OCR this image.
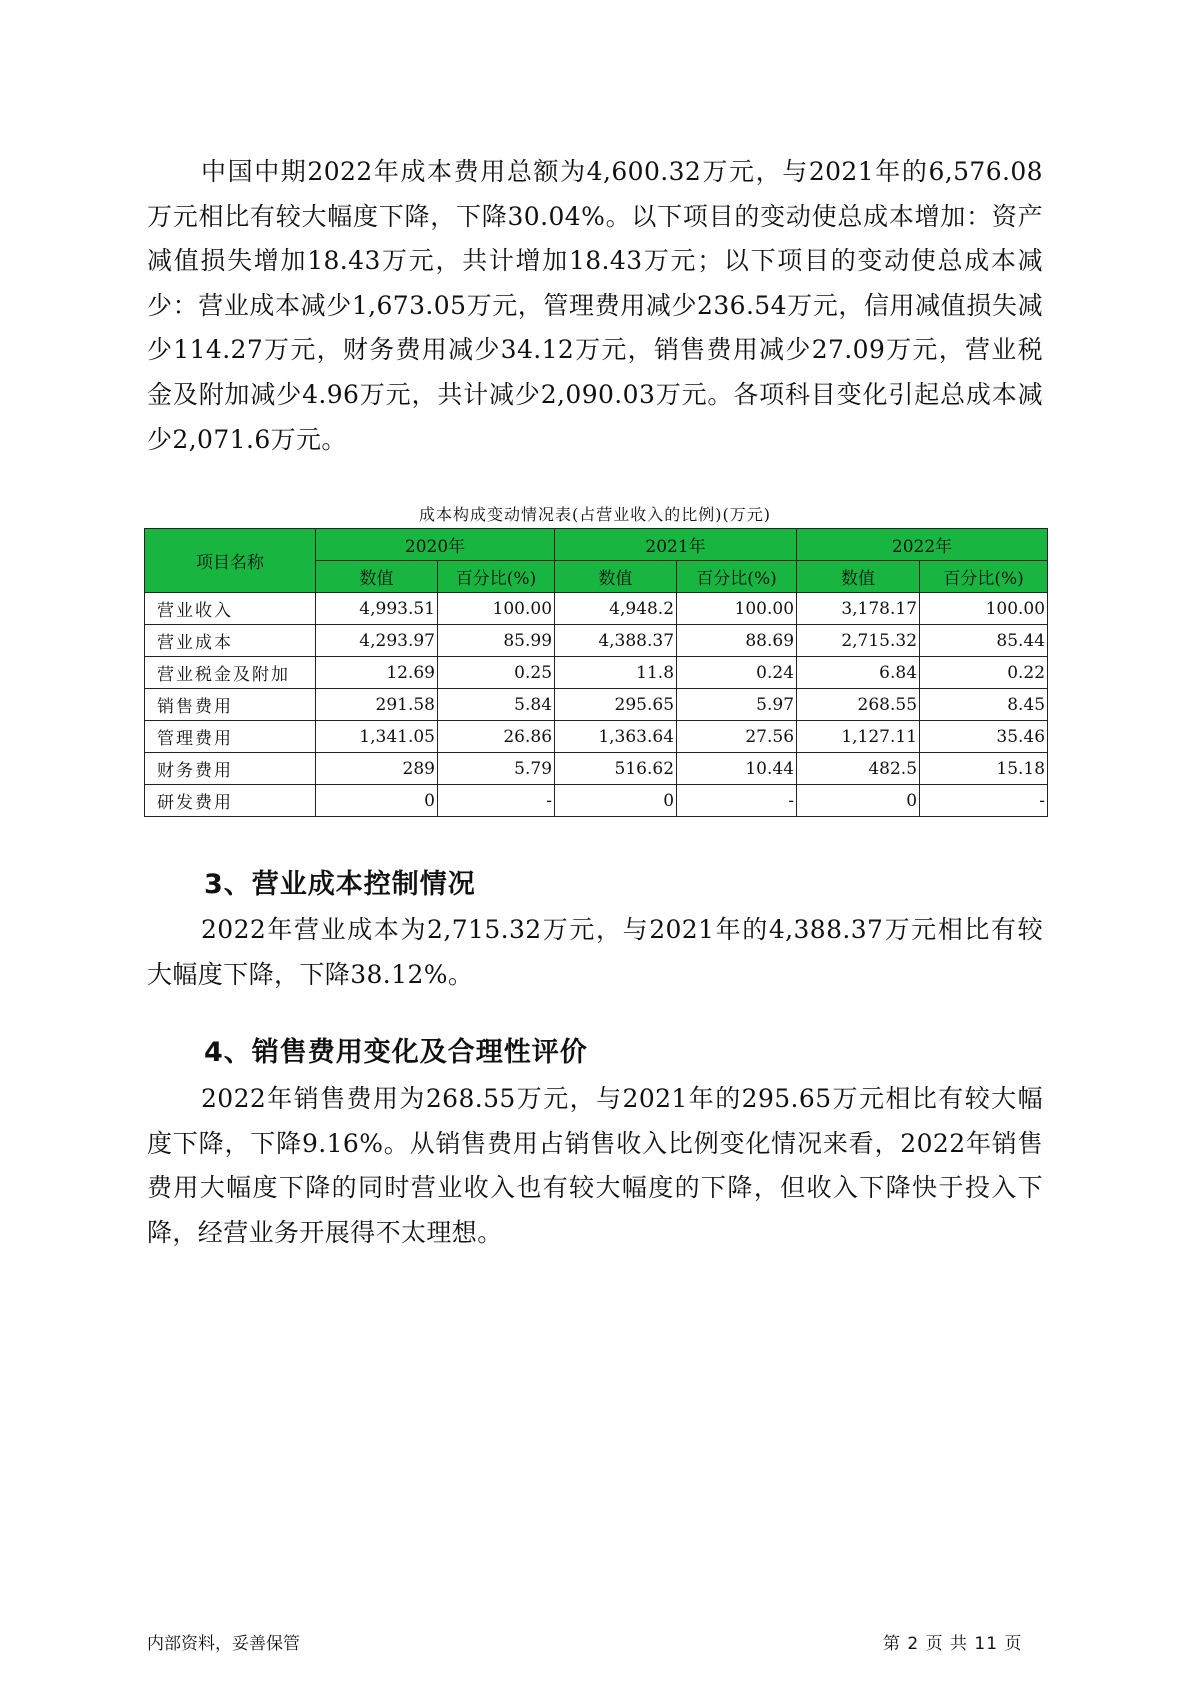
中国中期2022年成本费用总额为4,600.32万元，与2021年的6,576.08万元相比有较大幅度下降，下降30.04%。以下项目的变动使总成本增加：资产减值损失增加18.43万元，共计增加18.43万元；以下项目的变动使总成本减少：营业成本减少1,673.05万元，管理费用减少236.54万元，信用减值损失减少114.27万元，财务费用减少34.12万元，销售费用减少27.09万元，营业税金及附加减少4.96万元，共计减少2,090.03万元。各项科目变化引起总成本减少2,071.6万元。

成本构成变动情况表(占营业收入的比例)(万元)
项目名称	2020年		2021年		2022年	
	数值	百分比(%)	数值	百分比(%)	数值	百分比(%)
营业收入	4,993.51	100.00	4,948.2	100.00	3,178.17	100.00
营业成本	4,293.97	85.99	4,388.37	88.69	2,715.32	85.44
营业税金及附加	12.69	0.25	11.8	0.24	6.84	0.22
销售费用	291.58	5.84	295.65	5.97	268.55	8.45
管理费用	1,341.05	26.86	1,363.64	27.56	1,127.11	35.46
财务费用	289	5.79	516.62	10.44	482.5	15.18
研发费用	0	-	0	-	0	-
3、营业成本控制情况

2022年营业成本为2,715.32万元，与2021年的4,388.37万元相比有较大幅度下降，下降38.12%。

4、销售费用变化及合理性评价

2022年销售费用为268.55万元，与2021年的295.65万元相比有较大幅度下降，下降9.16%。从销售费用占销售收入比例变化情况来看，2022年销售费用大幅度下降的同时营业收入也有较大幅度的下降，但收入下降快于投入下降，经营业务开展得不太理想。

内部资料，妥善保管	第 2 页 共 11 页
